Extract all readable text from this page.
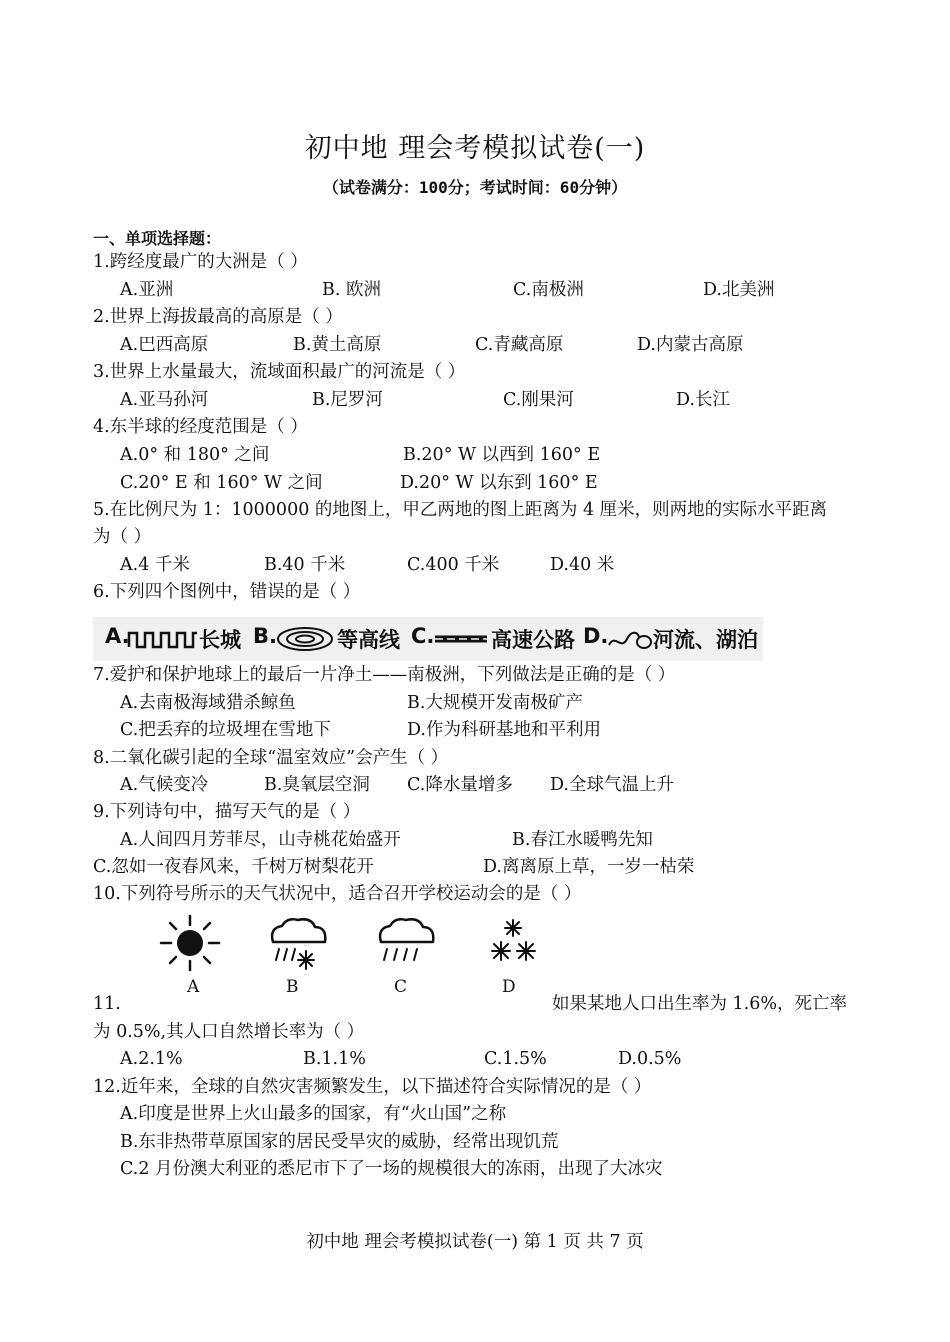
初中地 理会考模拟试卷(一)
（试卷满分：100分；考试时间：60分钟）
一、单项选择题：
1.跨经度最广的大洲是（ ）
A.亚洲	B. 欧洲	C.南极洲	D.北美洲
2.世界上海拔最高的高原是（ ）
A.巴西高原	B.黄土高原	C.青藏高原	D.内蒙古高原
3.世界上水量最大，流域面积最广的河流是（ ）
A.亚马孙河	B.尼罗河	C.刚果河	D.长江
4.东半球的经度范围是（ ）
A.0° 和 180° 之间	B.20° W 以西到 160° E
C.20° E 和 160° W 之间	D.20° W 以东到 160° E
5.在比例尺为 1：1000000 的地图上，甲乙两地的图上距离为 4 厘米，则两地的实际水平距离
为（ ）
A.4 千米	B.40 千米	C.400 千米	D.40 米
6.下列四个图例中，错误的是（ ）
A.	长城 B.	等高线 C.	高速公路 D. 河流、湖泊
7.爱护和保护地球上的最后一片净土——南极洲，下列做法是正确的是（ ）
A.去南极海域猎杀鲸鱼	B.大规模开发南极矿产
C.把丢弃的垃圾埋在雪地下	D.作为科研基地和平利用
8.二氧化碳引起的全球“温室效应”会产生（ ）
A.气候变冷	B.臭氧层空洞 C.降水量增多 D.全球气温上升
9.下列诗句中，描写天气的是（ ）
A.人间四月芳菲尽，山寺桃花始盛开	B.春江水暖鸭先知
C.忽如一夜春风来，千树万树梨花开	D.离离原上草，一岁一枯荣
10.下列符号所示的天气状况中，适合召开学校运动会的是（ ）
A	B	C	D
11.	如果某地人口出生率为 1.6%，死亡率
为 0.5%,其人口自然增长率为（ ）
A.2.1%	B.1.1%	C.1.5%	D.0.5%
12.近年来，全球的自然灾害频繁发生，以下描述符合实际情况的是（ ）
A.印度是世界上火山最多的国家，有“火山国”之称
B.东非热带草原国家的居民受旱灾的威胁，经常出现饥荒
C.2 月份澳大利亚的悉尼市下了一场的规模很大的冻雨，出现了大冰灾
初中地 理会考模拟试卷(一) 第 1 页 共 7 页
